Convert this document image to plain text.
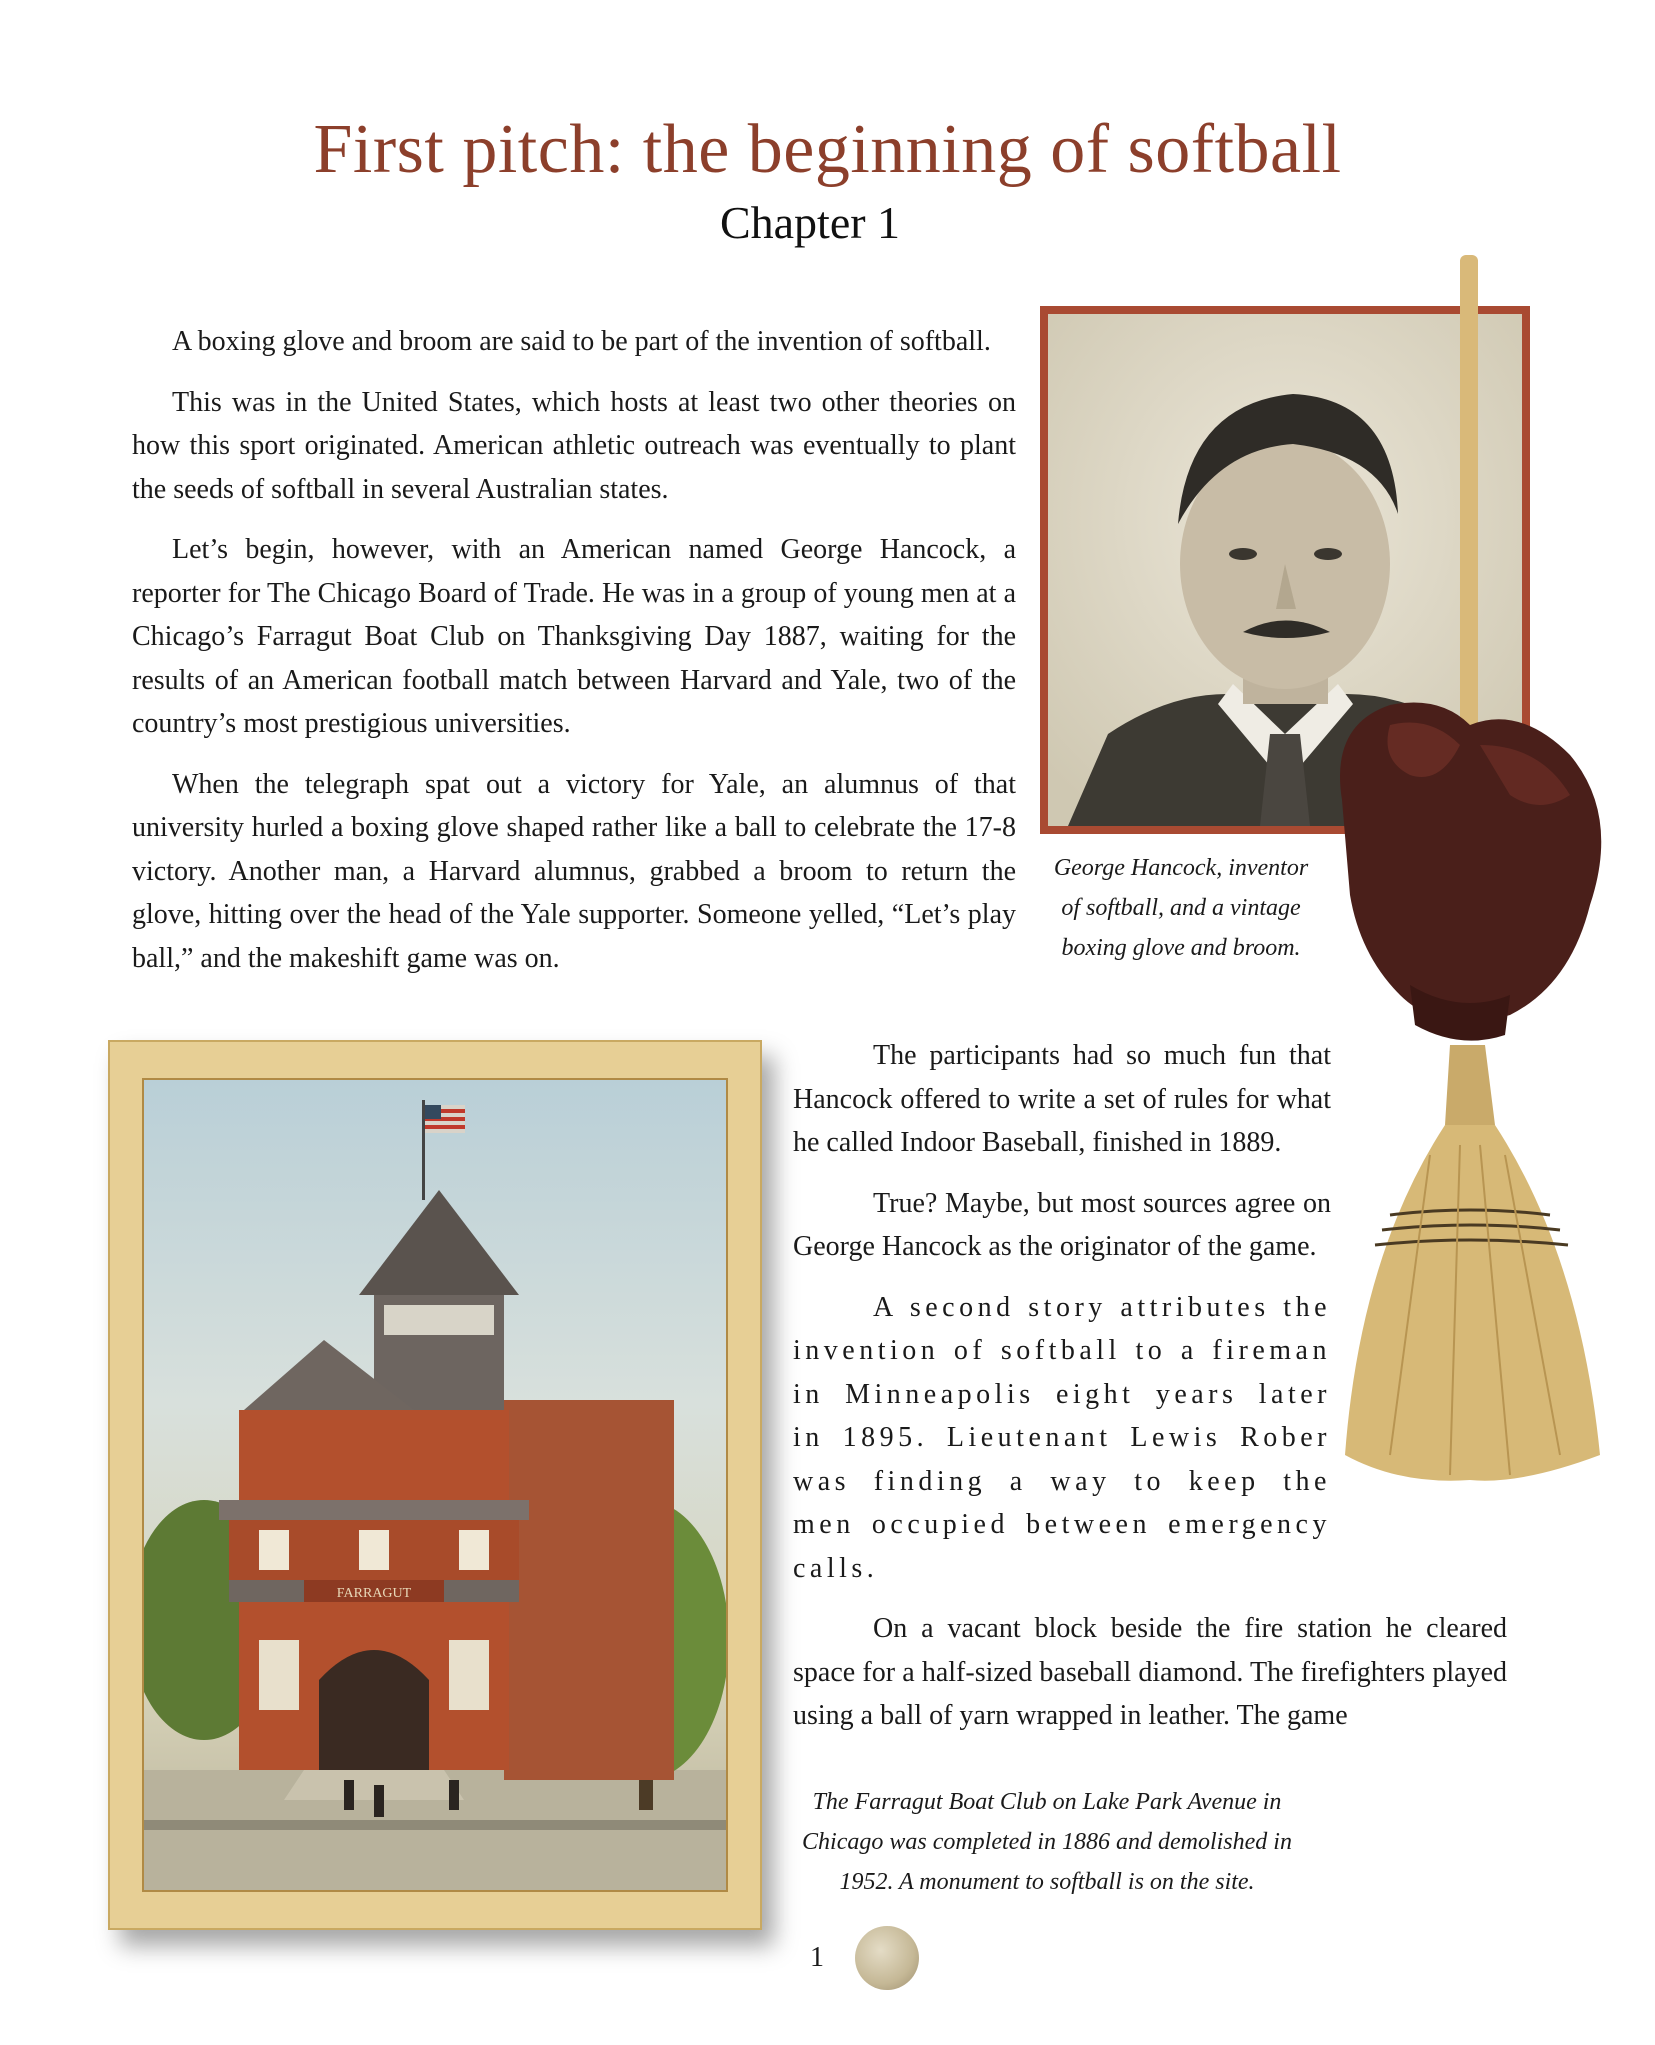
First pitch: the beginning of softball
Chapter 1

A boxing glove and broom are said to be part of the invention of softball.

This was in the United States, which hosts at least two other theories on how this sport originated. American athletic outreach was eventually to plant the seeds of softball in several Australian states.

Let’s begin, however, with an American named George Hancock, a reporter for The Chicago Board of Trade. He was in a group of young men at a Chicago’s Farragut Boat Club on Thanksgiving Day 1887, waiting for the results of an American football match between Harvard and Yale, two of the country’s most prestigious universities.

When the telegraph spat out a victory for Yale, an alumnus of that university hurled a boxing glove shaped rather like a ball to celebrate the 17-8 victory. Another man, a Harvard alumnus, grabbed a broom to return the glove, hitting over the head of the Yale supporter. Someone yelled, “Let’s play ball,” and the makeshift game was on.

George Hancock, inventor of softball, and a vintage boxing glove and broom.
FARRAGUT

The participants had so much fun that Hancock offered to write a set of rules for what he called Indoor Baseball, finished in 1889.

True? Maybe, but most sources agree on George Hancock as the originator of the game.

A second story attributes the invention of softball to a fireman in Minneapolis eight years later in 1895. Lieutenant Lewis Rober was finding a way to keep the men occupied between emergency calls.

On a vacant block beside the fire station he cleared space for a half-sized baseball diamond. The firefighters played using a ball of yarn wrapped in leather. The game

The Farragut Boat Club on Lake Park Avenue in Chicago was completed in 1886 and demolished in 1952. A monument to softball is on the site.
1
